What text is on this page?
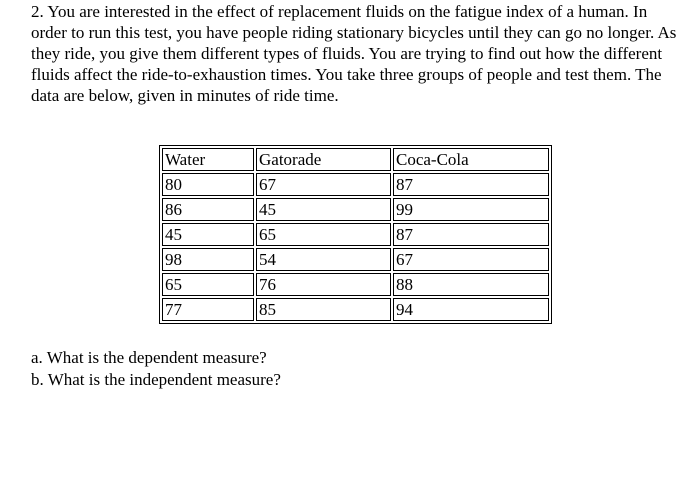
2. You are interested in the effect of replacement fluids on the fatigue index of a human. In order to run this test, you have people riding stationary bicycles until they can go no longer. As they ride, you give them different types of fluids. You are trying to find out how the different fluids affect the ride-to-exhaustion times. You take three groups of people and test them. The data are below, given in minutes of ride time.

Water	Gatorade	Coca-Cola
80	67	87
86	45	99
45	65	87
98	54	67
65	76	88
77	85	94
a. What is the dependent measure?
b. What is the independent measure?
